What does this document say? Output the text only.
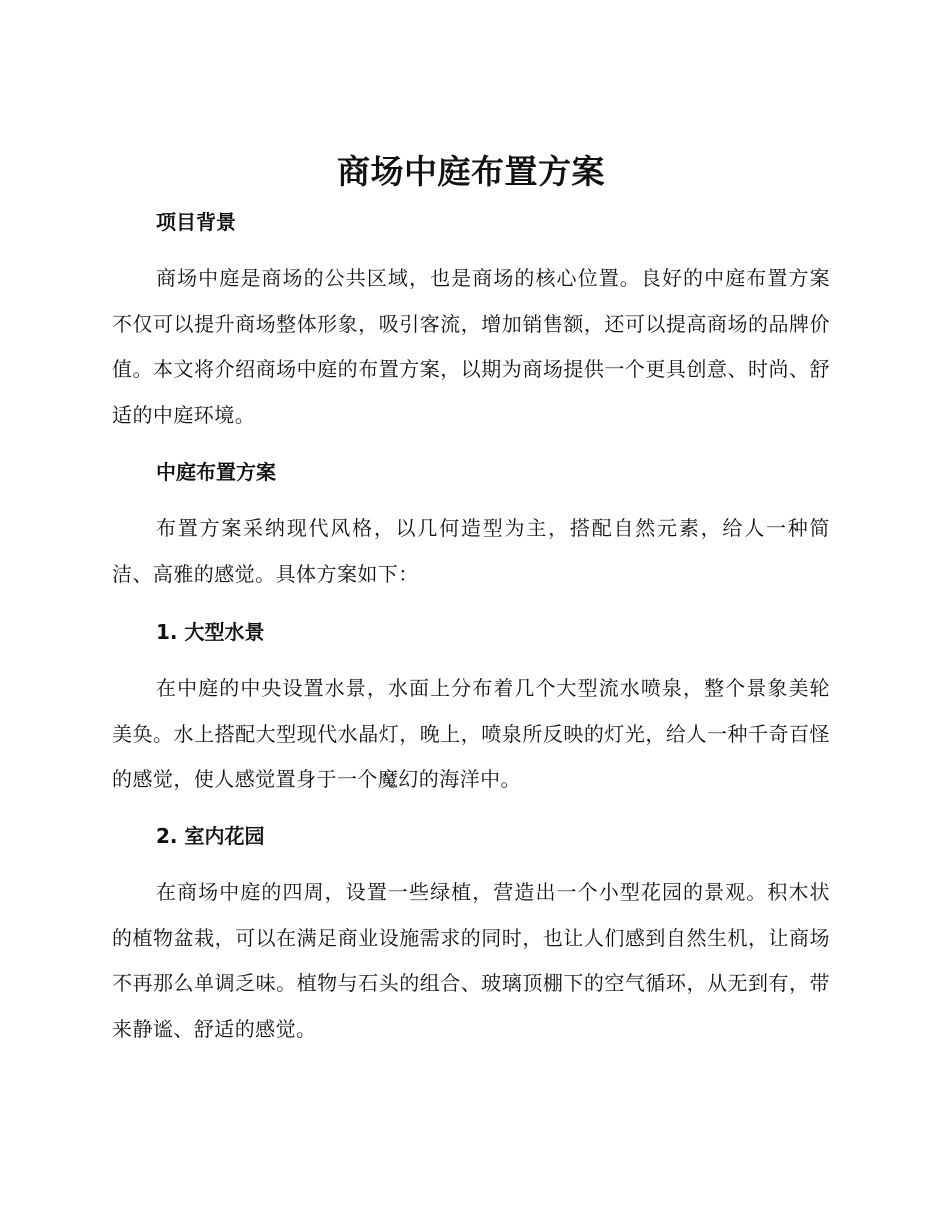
商场中庭布置方案
项目背景

商场中庭是商场的公共区域，也是商场的核心位置。良好的中庭布置方案不仅可以提升商场整体形象，吸引客流，增加销售额，还可以提高商场的品牌价值。本文将介绍商场中庭的布置方案，以期为商场提供一个更具创意、时尚、舒适的中庭环境。

中庭布置方案

布置方案采纳现代风格，以几何造型为主，搭配自然元素，给人一种简洁、高雅的感觉。具体方案如下：

1. 大型水景

在中庭的中央设置水景，水面上分布着几个大型流水喷泉，整个景象美轮美奂。水上搭配大型现代水晶灯，晚上，喷泉所反映的灯光，给人一种千奇百怪的感觉，使人感觉置身于一个魔幻的海洋中。

2. 室内花园

在商场中庭的四周，设置一些绿植，营造出一个小型花园的景观。积木状的植物盆栽，可以在满足商业设施需求的同时，也让人们感到自然生机，让商场不再那么单调乏味。植物与石头的组合、玻璃顶棚下的空气循环，从无到有，带来静谧、舒适的感觉。
